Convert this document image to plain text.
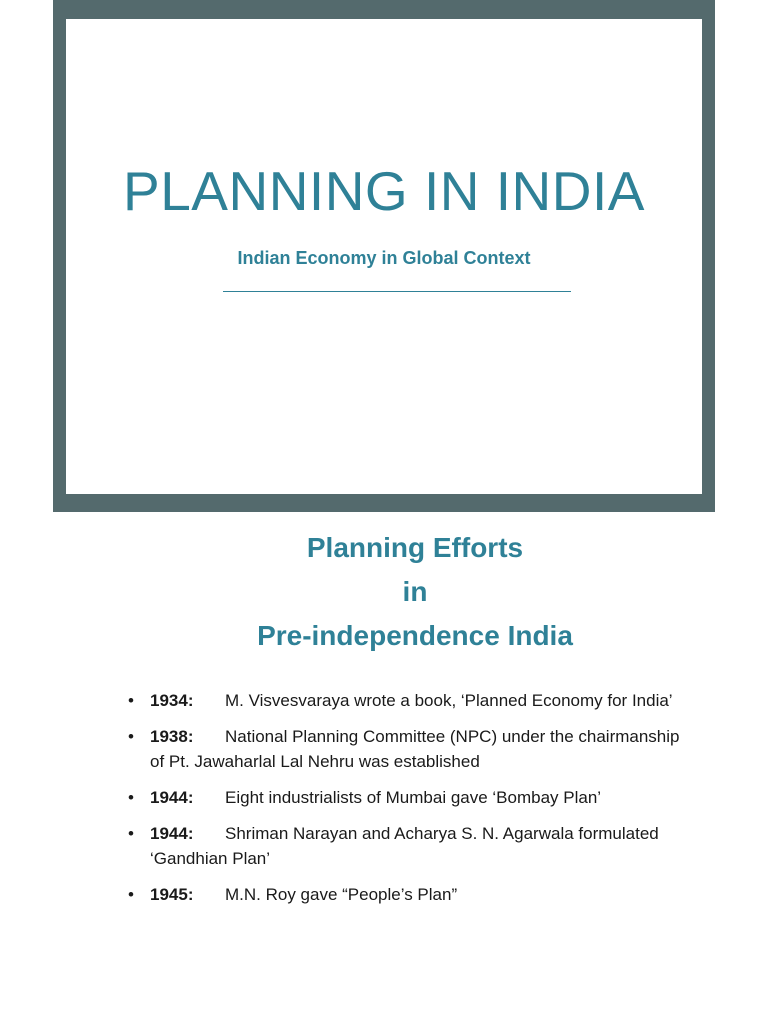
PLANNING IN INDIA
Indian Economy in Global Context
Planning Efforts
in
Pre-independence India
• 1934: M. Visvesvaraya wrote a book, ‘Planned Economy for India’
• 1938: National Planning Committee (NPC) under the chairmanship of Pt. Jawaharlal Lal Nehru was established
• 1944: Eight industrialists of Mumbai gave ‘Bombay Plan’
• 1944: Shriman Narayan and Acharya S. N. Agarwala formulated ‘Gandhian Plan’
• 1945: M.N. Roy gave “People’s Plan”
